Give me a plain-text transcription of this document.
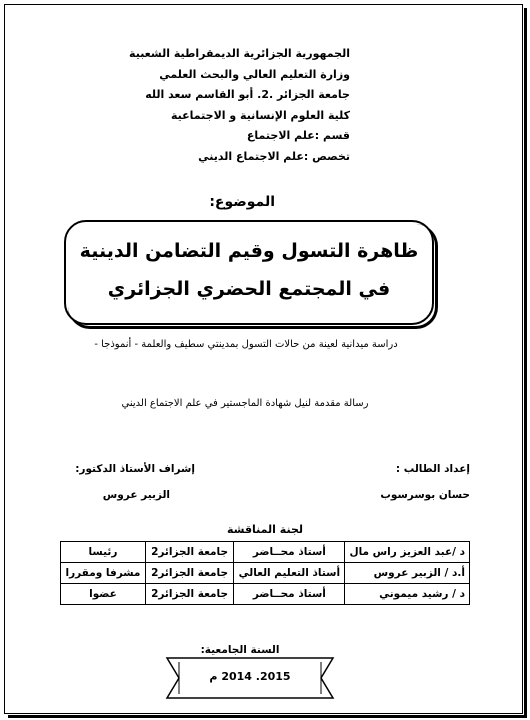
الجمهورية الجزائرية الديمقراطية الشعبية
وزارة التعليم العالي والبحث العلمي
جامعة الجزائر .2. أبو القاسم سعد الله
كلية العلوم الإنسانية و الاجتماعية
قسم :علم الاجتماع
تخصص :علم الاجتماع الديني
الموضوع:
ظاهرة التسول وقيم التضامن الدينية
في المجتمع الحضري الجزائري
دراسة ميدانية لعينة من حالات التسول بمدينتي سطيف والعلمة - أنموذجا -
رسالة مقدمة لنيل شهادة الماجستير في علم الاجتماع الديني
إعداد الطالب :
حسان بوسرسوب
إشراف الأستاذ الدكتور:
الزبير عروس
لجنة المناقشة
د /عبد العزيز راس مال	أستاذ محــاضر	جامعة الجزائر2	رئيسا
أ.د / الزبير عروس	أستاذ التعليم العالي	جامعة الجزائر2	مشرفا ومقررا
د / رشيد ميموني	أستاذ محــاضر	جامعة الجزائر2	عضوا
السنة الجامعية:
2015. 2014 م
